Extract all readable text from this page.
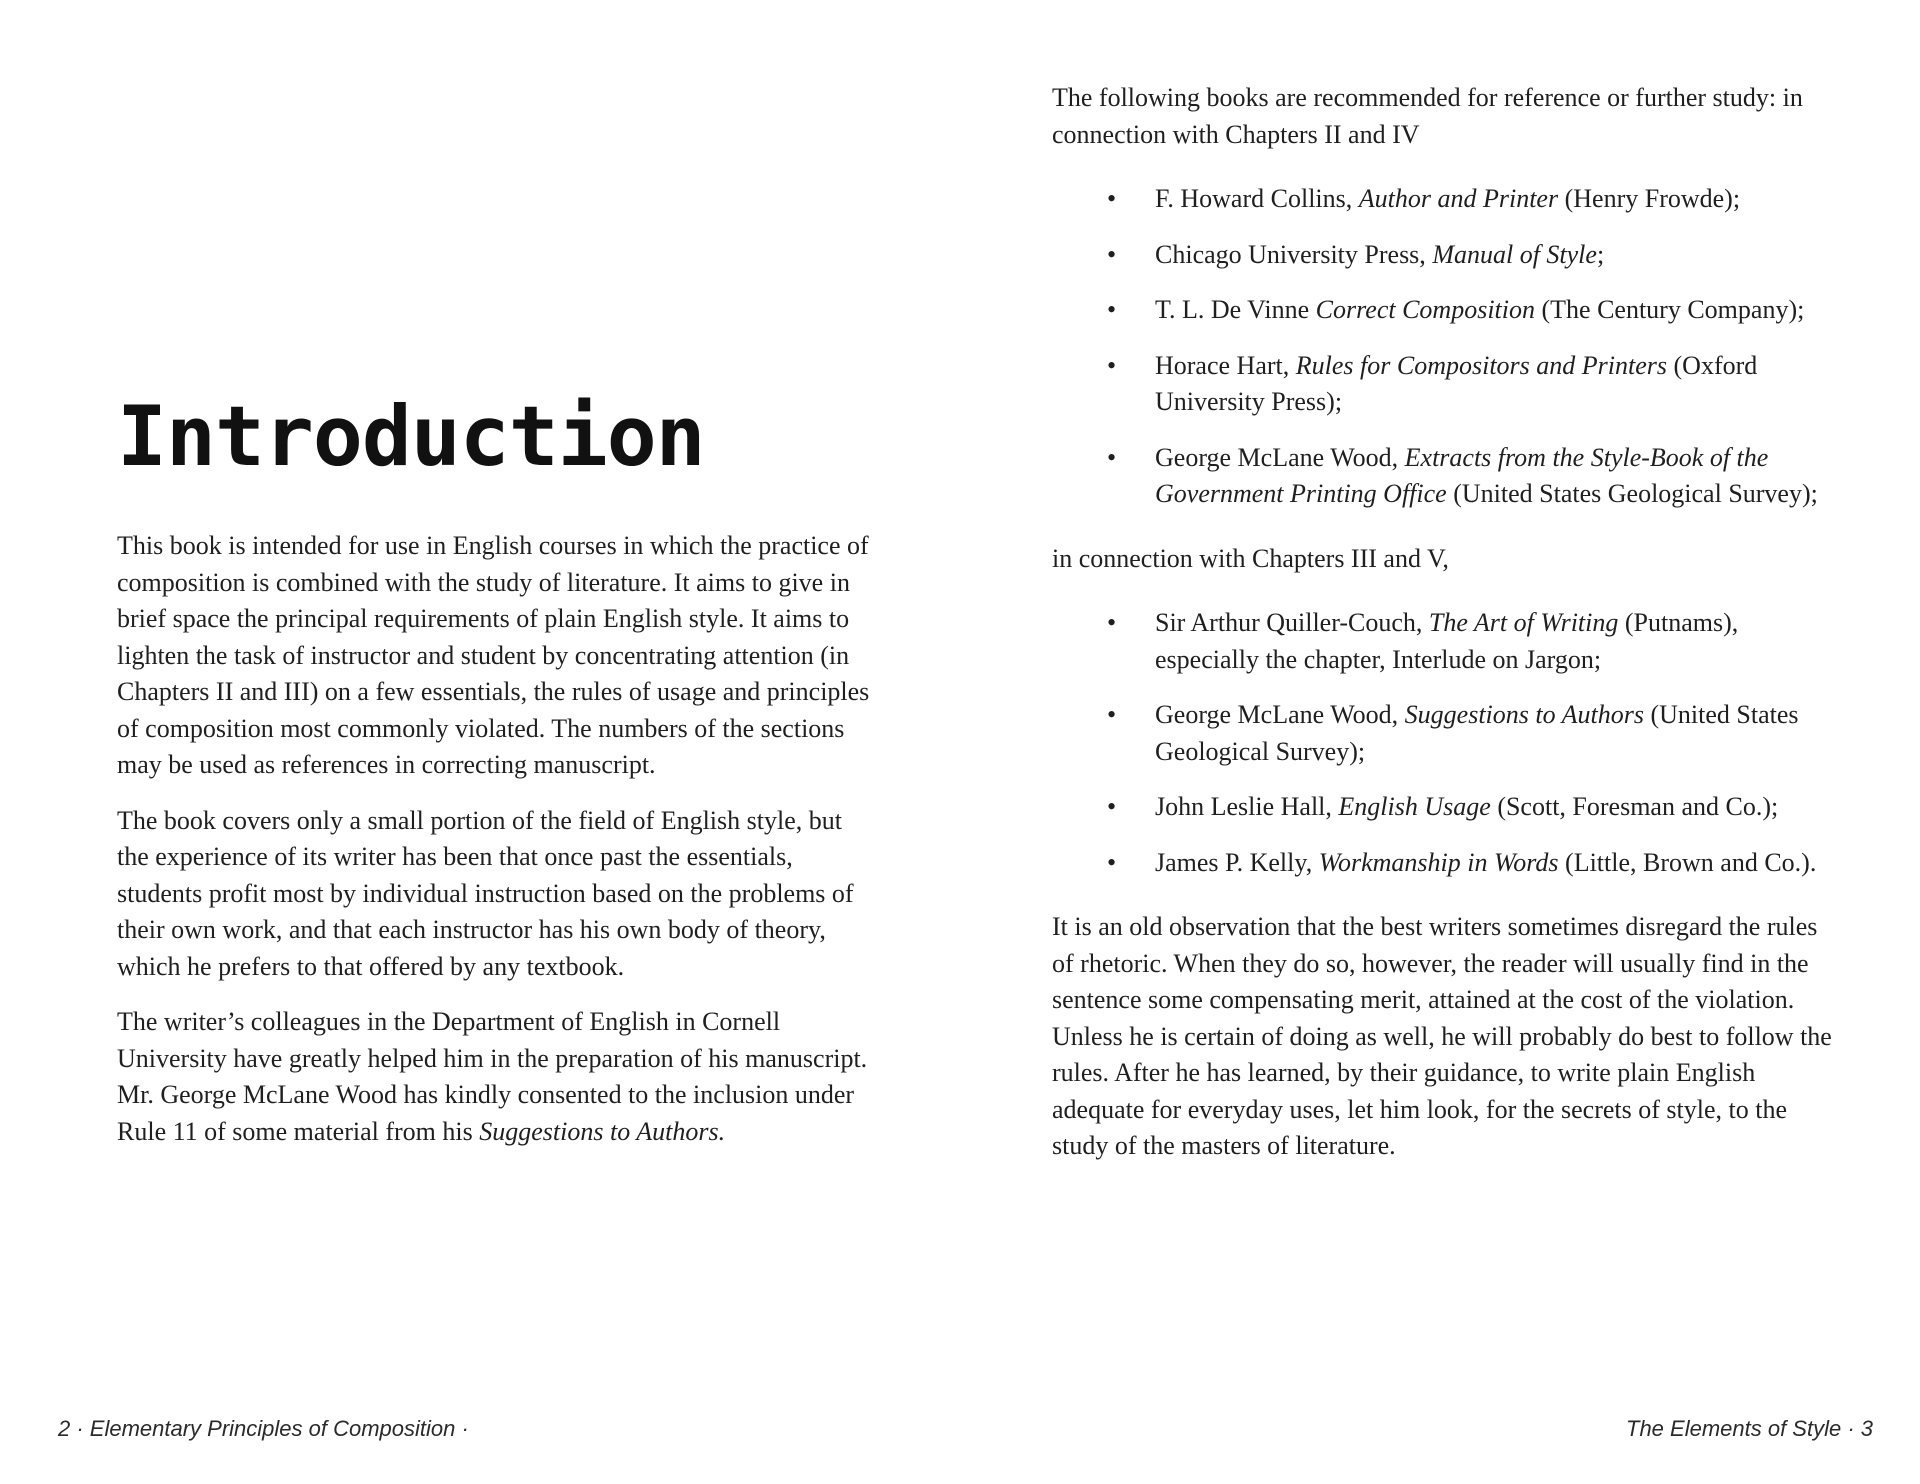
Introduction

This book is intended for use in English courses in which the practice of composition is combined with the study of literature. It aims to give in brief space the principal requirements of plain English style. It aims to lighten the task of instructor and student by concentrating attention (in Chapters II and III) on a few essentials, the rules of usage and principles of composition most commonly violated. The numbers of the sections may be used as references in correcting manuscript.

The book covers only a small portion of the field of English style, but the experience of its writer has been that once past the essentials, students profit most by individual instruction based on the problems of their own work, and that each instructor has his own body of theory, which he prefers to that offered by any textbook.

The writer’s colleagues in the Department of English in Cornell University have greatly helped him in the preparation of his manuscript. Mr. George McLane Wood has kindly consented to the inclusion under Rule 11 of some material from his Suggestions to Authors.

2 · Elementary Principles of Composition ·

The following books are recommended for reference or further study: in connection with Chapters II and IV

• F. Howard Collins, Author and Printer (Henry Frowde);
• Chicago University Press, Manual of Style;
• T. L. De Vinne Correct Composition (The Century Company);
• Horace Hart, Rules for Compositors and Printers (Oxford University Press);
• George McLane Wood, Extracts from the Style-Book of the Government Printing Office (United States Geological Survey);

in connection with Chapters III and V,

• Sir Arthur Quiller-Couch, The Art of Writing (Putnams), especially the chapter, Interlude on Jargon;
• George McLane Wood, Suggestions to Authors (United States Geological Survey);
• John Leslie Hall, English Usage (Scott, Foresman and Co.);
• James P. Kelly, Workmanship in Words (Little, Brown and Co.).

It is an old observation that the best writers sometimes disregard the rules of rhetoric. When they do so, however, the reader will usually find in the sentence some compensating merit, attained at the cost of the violation. Unless he is certain of doing as well, he will probably do best to follow the rules. After he has learned, by their guidance, to write plain English adequate for everyday uses, let him look, for the secrets of style, to the study of the masters of literature.

The Elements of Style · 3
